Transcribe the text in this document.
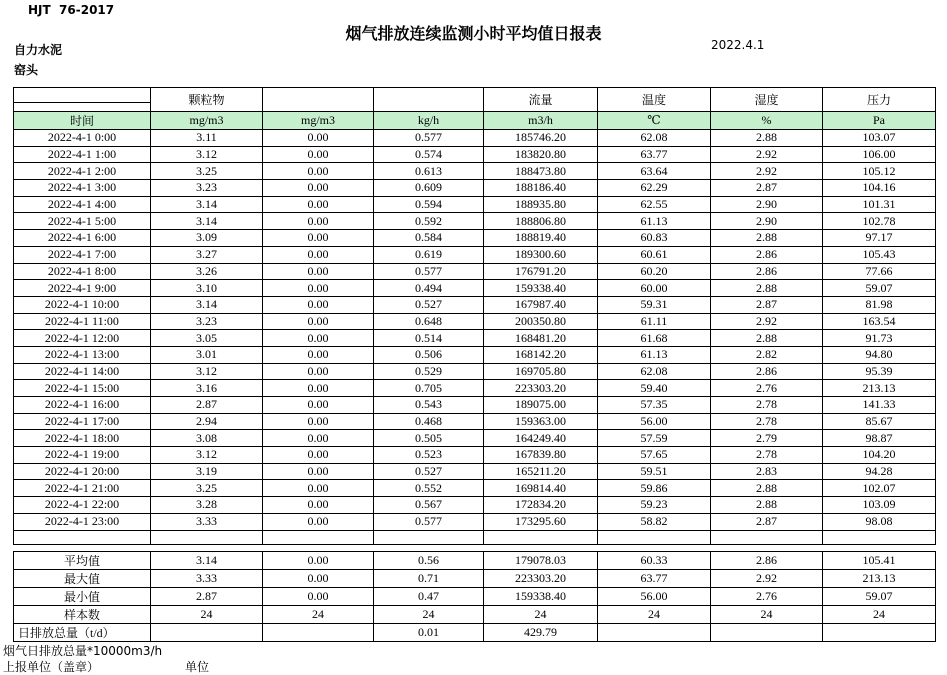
HJT  76-2017
烟气排放连续监测小时平均值日报表
2022.4.1
自力水泥
窑头
	颗粒物			流量	温度	湿度	压力

时间	mg/m3	mg/m3	kg/h	m3/h	℃	%	Pa
2022-4-1 0:00	3.11	0.00	0.577	185746.20	62.08	2.88	103.07
2022-4-1 1:00	3.12	0.00	0.574	183820.80	63.77	2.92	106.00
2022-4-1 2:00	3.25	0.00	0.613	188473.80	63.64	2.92	105.12
2022-4-1 3:00	3.23	0.00	0.609	188186.40	62.29	2.87	104.16
2022-4-1 4:00	3.14	0.00	0.594	188935.80	62.55	2.90	101.31
2022-4-1 5:00	3.14	0.00	0.592	188806.80	61.13	2.90	102.78
2022-4-1 6:00	3.09	0.00	0.584	188819.40	60.83	2.88	97.17
2022-4-1 7:00	3.27	0.00	0.619	189300.60	60.61	2.86	105.43
2022-4-1 8:00	3.26	0.00	0.577	176791.20	60.20	2.86	77.66
2022-4-1 9:00	3.10	0.00	0.494	159338.40	60.00	2.88	59.07
2022-4-1 10:00	3.14	0.00	0.527	167987.40	59.31	2.87	81.98
2022-4-1 11:00	3.23	0.00	0.648	200350.80	61.11	2.92	163.54
2022-4-1 12:00	3.05	0.00	0.514	168481.20	61.68	2.88	91.73
2022-4-1 13:00	3.01	0.00	0.506	168142.20	61.13	2.82	94.80
2022-4-1 14:00	3.12	0.00	0.529	169705.80	62.08	2.86	95.39
2022-4-1 15:00	3.16	0.00	0.705	223303.20	59.40	2.76	213.13
2022-4-1 16:00	2.87	0.00	0.543	189075.00	57.35	2.78	141.33
2022-4-1 17:00	2.94	0.00	0.468	159363.00	56.00	2.78	85.67
2022-4-1 18:00	3.08	0.00	0.505	164249.40	57.59	2.79	98.87
2022-4-1 19:00	3.12	0.00	0.523	167839.80	57.65	2.78	104.20
2022-4-1 20:00	3.19	0.00	0.527	165211.20	59.51	2.83	94.28
2022-4-1 21:00	3.25	0.00	0.552	169814.40	59.86	2.88	102.07
2022-4-1 22:00	3.28	0.00	0.567	172834.20	59.23	2.88	103.09
2022-4-1 23:00	3.33	0.00	0.577	173295.60	58.82	2.87	98.08

平均值	3.14	0.00	0.56	179078.03	60.33	2.86	105.41
最大值	3.33	0.00	0.71	223303.20	63.77	2.92	213.13
最小值	2.87	0.00	0.47	159338.40	56.00	2.76	59.07
样本数	24	24	24	24	24	24	24
日排放总量（t/d）			0.01	429.79			
烟气日排放总量*10000m3/h
上报单位（盖章）	单位
